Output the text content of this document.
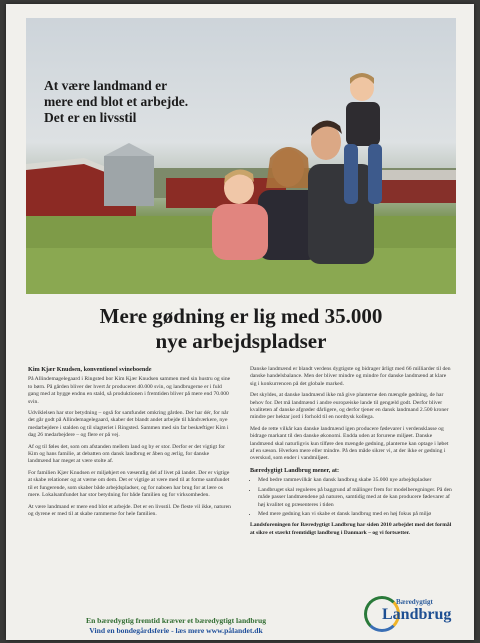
At være landmand er
mere end blot et arbejde.
Det er en livsstil
Mere gødning er lig med 35.000
nye arbejdspladser

Kim Kjær Knudsen, konventionel svineboende

På Allindemagelegaard i Ringsted bor Kim Kjær Knudsen sammen med sin hustru og sine to børn. På gården bliver der hvert år produceret 40.000 svin, og landbrugerne er i fuld gang med at bygge endnu en stald, så produktionen i fremtiden bliver på mere end 70.000 svin.

Udviklelsen har stor betydning – også for samfundet omkring gården. Der har dér, for når det går godt på Allindemagelegaard, skaber det blandt andet arbejde til håndværkere, nye medarbejdere i stalden og til slagteriet i Ringsted. Sammen med sin far beskæftiger Kim i dag 26 medarbejdere – og flere er på vej.

Af og til føles det, som om afstanden mellem land og by er stor. Derfor er det vigtigt for Kim og hans familie, at debatten om dansk landbrug er åben og ærlig, for danske landmænd har meget at være stolte af.

For familien Kjær Knudsen er miljøhjert en væsentlig del af livet på landet. Der er vigtige at skabe relationer og at værne om dem. Det er vigtige at være med til at forme samfundet til et fungerende, som skaber både arbejdspladser, og for naboen har brug for at lære os mere. Lokalsamfundet har stor betydning for både familien og for virksomheden.

At være landmand er mere end blot et arbejde. Det er en livsstil. De fleste vil ikke, naturen og dyrene er med til at skabe rammerne for hele familien.

Danske landmænd er blandt verdens dygtigste og bidrager årligt med 66 milliarder til den danske handelsbalance. Men der bliver mindre og mindre for danske landmænd at klare sig i konkurrencen på det globale marked.

Det skyldes, at danske landmænd ikke må give planterne den mængde gødning, de har behov for. Det må landmænd i andre europæiske lande til gengæld godt. Derfor bliver kvaliteten af danske afgrøder dårligere, og derfor tjener en dansk landmand 2.500 kroner mindre per hektar jord i forhold til en nordtysk kollega.

Med de rette vilkår kan danske landmænd igen producere fødevarer i verdensklasse og bidrage markant til den danske økonomi. Endda uden at forurene miljøet. Danske landmænd skal naturligvis kun tilføre den mængde gødning, planterne kan optage i løbet af en sæson. Hverken mere eller mindre. På den måde sikrer vi, at der ikke er gødning i overskud, som ender i vandmiljøet.

Bæredygtigt Landbrug mener, at:

• Med bedre rammevilkår kan dansk landbrug skabe 35.000 nye arbejdspladser
• Landbruget skal reguleres på baggrund af målinger frem for modelberegninger. På den måde passer landmændene på naturen, samtidig med at de kan producere fødevarer af høj kvalitet og præsenteres i tiden
• Med mere gødning kan vi skabe et dansk landbrug med en høj fokus på miljø

Landsforeningen for Bæredygtigt Landbrug har siden 2010 arbejdet med det formål at sikre et stærkt fremtidigt landbrug i Danmark – og vi fortsætter.

En bæredygtig fremtid kræver et bæredygtigt landbrug
Vind en bondegårdsferie - læs mere www.pålandet.dk
Bæredygtigt
Landbrug
